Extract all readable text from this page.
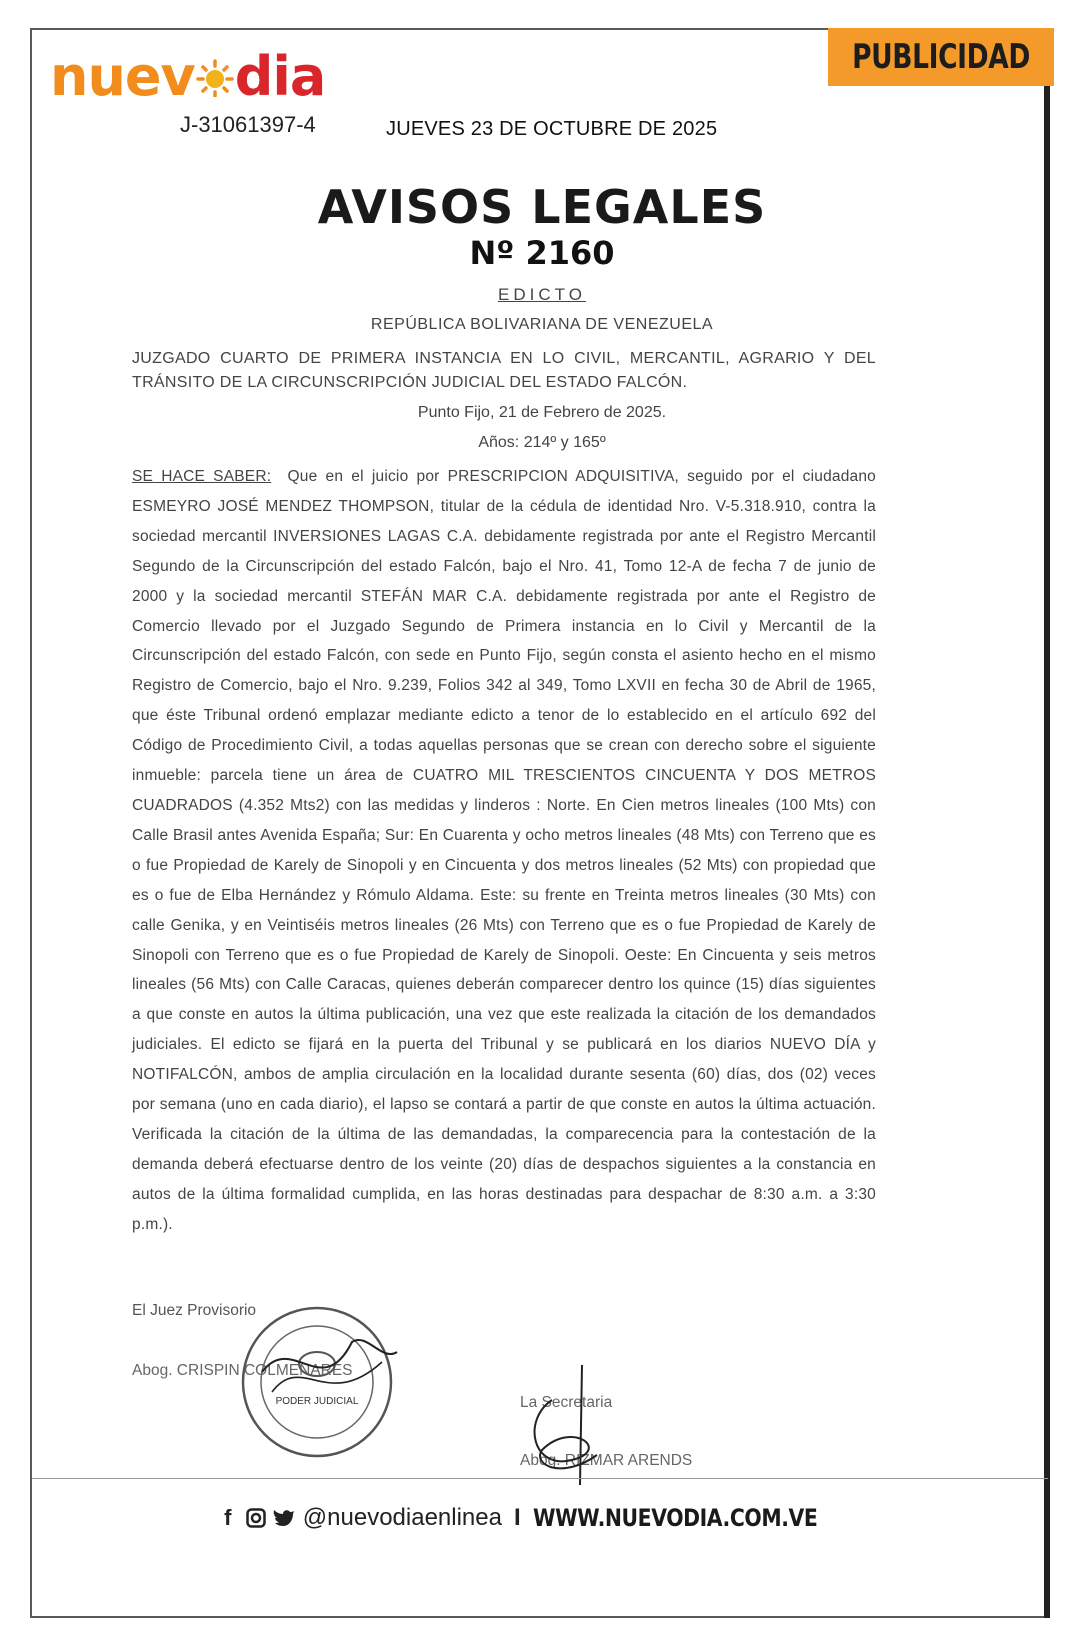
nuev dia
J-31061397-4	JUEVES 23 DE OCTUBRE DE 2025
PUBLICIDAD
AVISOS LEGALES
Nº 2160
EDICTO
REPÚBLICA BOLIVARIANA DE VENEZUELA
JUZGADO CUARTO DE PRIMERA INSTANCIA EN LO CIVIL, MERCANTIL, AGRARIO Y DEL
TRÁNSITO DE LA CIRCUNSCRIPCIÓN JUDICIAL DEL ESTADO FALCÓN.
Punto Fijo, 21 de Febrero de 2025.
Años: 214º y 165º
SE HACE SABER: Que en el juicio por PRESCRIPCION ADQUISITIVA, seguido por el ciudadano ESMEYRO JOSÉ MENDEZ THOMPSON, titular de la cédula de identidad Nro. V-5.318.910, contra la sociedad mercantil INVERSIONES LAGAS C.A. debidamente registrada por ante el Registro Mercantil Segundo de la Circunscripción del estado Falcón, bajo el Nro. 41, Tomo 12-A de fecha 7 de junio de 2000 y la sociedad mercantil STEFÁN MAR C.A. debidamente registrada por ante el Registro de Comercio llevado por el Juzgado Segundo de Primera instancia en lo Civil y Mercantil de la Circunscripción del estado Falcón, con sede en Punto Fijo, según consta el asiento hecho en el mismo Registro de Comercio, bajo el Nro. 9.239, Folios 342 al 349, Tomo LXVII en fecha 30 de Abril de 1965, que éste Tribunal ordenó emplazar mediante edicto a tenor de lo establecido en el artículo 692 del Código de Procedimiento Civil, a todas aquellas personas que se crean con derecho sobre el siguiente inmueble: parcela tiene un área de CUATRO MIL TRESCIENTOS CINCUENTA Y DOS METROS CUADRADOS (4.352 Mts2) con las medidas y linderos : Norte. En Cien metros lineales (100 Mts) con Calle Brasil antes Avenida España; Sur: En Cuarenta y ocho metros lineales (48 Mts) con Terreno que es o fue Propiedad de Karely de Sinopoli y en Cincuenta y dos metros lineales (52 Mts) con propiedad que es o fue de Elba Hernández y Rómulo Aldama. Este: su frente en Treinta metros lineales (30 Mts) con calle Genika, y en Veintiséis metros lineales (26 Mts) con Terreno que es o fue Propiedad de Karely de Sinopoli con Terreno que es o fue Propiedad de Karely de Sinopoli. Oeste: En Cincuenta y seis metros lineales (56 Mts) con Calle Caracas, quienes deberán comparecer dentro los quince (15) días siguientes a que conste en autos la última publicación, una vez que este realizada la citación de los demandados judiciales. El edicto se fijará en la puerta del Tribunal y se publicará en los diarios NUEVO DÍA y NOTIFALCÓN, ambos de amplia circulación en la localidad durante sesenta (60) días, dos (02) veces por semana (uno en cada diario), el lapso se contará a partir de que conste en autos la última actuación. Verificada la citación de la última de las demandadas, la comparecencia para la contestación de la demanda deberá efectuarse dentro de los veinte (20) días de despachos siguientes a la constancia en autos de la última formalidad cumplida, en las horas destinadas para despachar de 8:30 a.m. a 3:30 p.m.).
El Juez Provisorio
Abog. CRISPIN COLMENARES
PODER JUDICIAL	La Secretaria
Abog. RIZMAR ARENDS
f	@nuevodiaenlinea I WWW.NUEVODIA.COM.VE
